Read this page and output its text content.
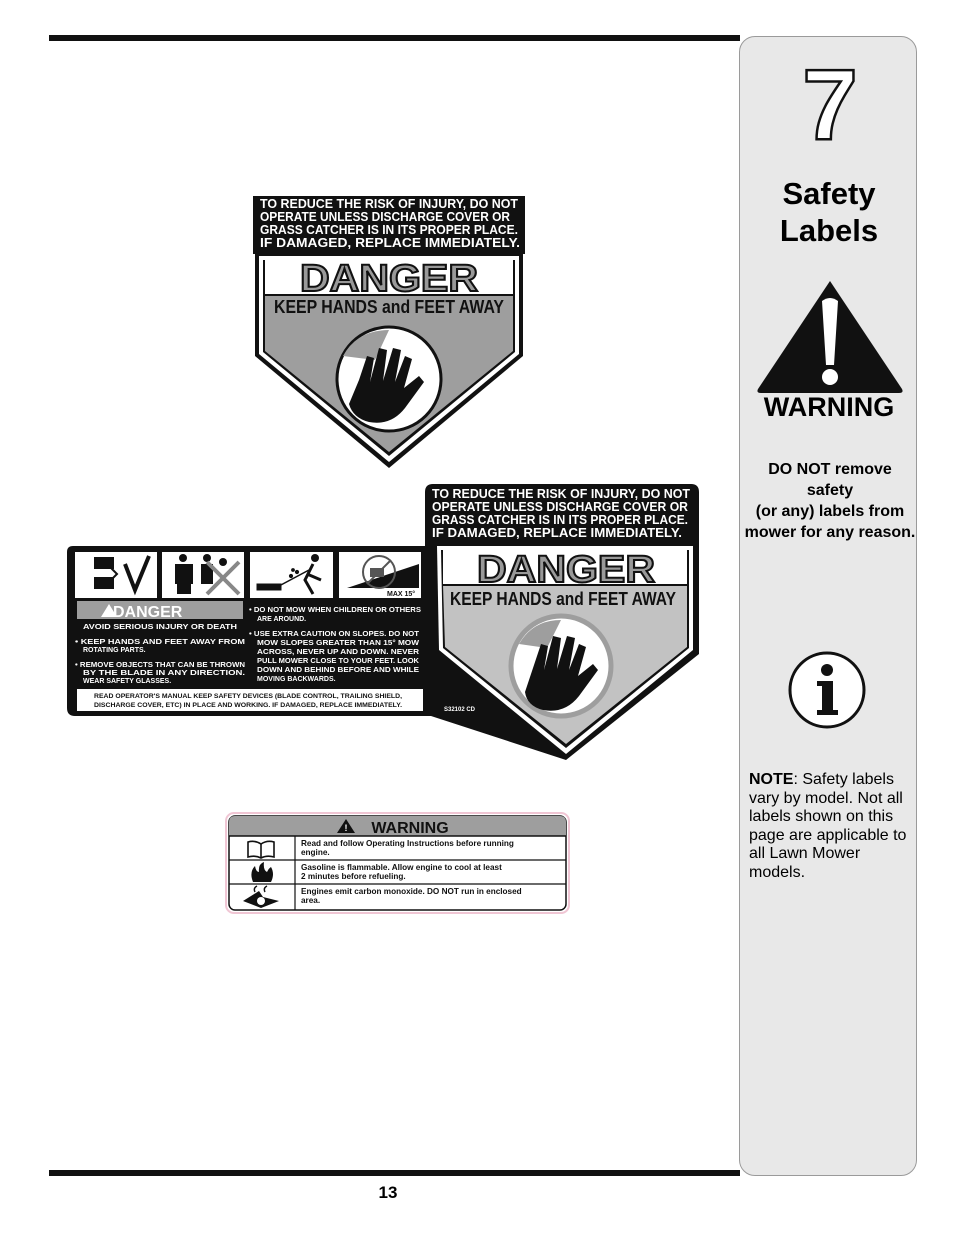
13
7
Safety
Labels
WARNING
DO NOT remove safety
(or any) labels from
mower for any reason.
NOTE: Safety labels vary by model. Not all labels shown on this page are applicable to all Lawn Mower models.
TO REDUCE THE RISK OF INJURY, DO NOT
OPERATE UNLESS DISCHARGE COVER OR
GRASS CATCHER IS IN ITS PROPER PLACE.
IF DAMAGED, REPLACE IMMEDIATELY.
DANGER
KEEP HANDS and FEET AWAY
TO REDUCE THE RISK OF INJURY, DO NOT
OPERATE UNLESS DISCHARGE COVER OR
GRASS CATCHER IS IN ITS PROPER PLACE.
IF DAMAGED, REPLACE IMMEDIATELY.
DANGER
KEEP HANDS and FEET AWAY
S32102 CD
MAX 15°
DANGER
AVOID SERIOUS INJURY OR DEATH
• KEEP HANDS AND FEET AWAY FROM
ROTATING PARTS.
• REMOVE OBJECTS THAT CAN BE THROWN
BY THE BLADE IN ANY DIRECTION.
WEAR SAFETY GLASSES.
• DO NOT MOW WHEN CHILDREN OR OTHERS
ARE AROUND.
• USE EXTRA CAUTION ON SLOPES. DO NOT
MOW SLOPES GREATER THAN 15° MOW
ACROSS, NEVER UP AND DOWN. NEVER
PULL MOWER CLOSE TO YOUR FEET. LOOK
DOWN AND BEHIND BEFORE AND WHILE
MOVING BACKWARDS.
READ OPERATOR'S MANUAL KEEP SAFETY DEVICES (BLADE CONTROL, TRAILING SHIELD,
DISCHARGE COVER, ETC) IN PLACE AND WORKING. IF DAMAGED, REPLACE IMMEDIATELY.
! WARNING
Read and follow Operating Instructions before running
engine.
Gasoline is flammable. Allow engine to cool at least
2 minutes before refueling.
Engines emit carbon monoxide. DO NOT run in enclosed
area.
